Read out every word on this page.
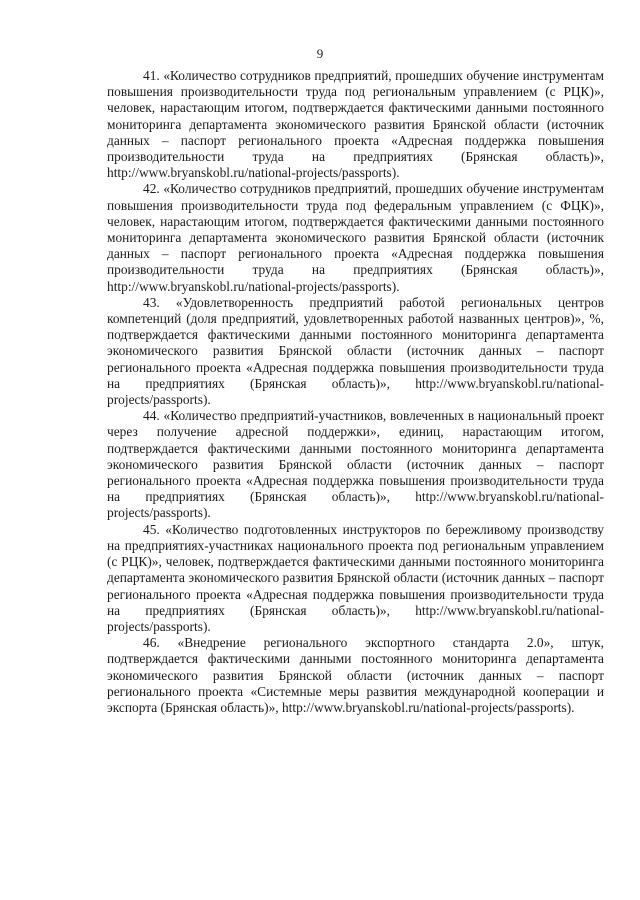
9

41. «Количество сотрудников предприятий, прошедших обучение инструментам повышения производительности труда под региональным управлением (с РЦК)», человек, нарастающим итогом, подтверждается фактическими данными постоянного мониторинга департамента экономического развития Брянской области (источник данных – паспорт регионального проекта «Адресная поддержка повышения производительности труда на предприятиях (Брянская область)», http://www.bryanskobl.ru/national-projects/passports).

42. «Количество сотрудников предприятий, прошедших обучение инструментам повышения производительности труда под федеральным управлением (с ФЦК)», человек, нарастающим итогом, подтверждается фактическими данными постоянного мониторинга департамента экономического развития Брянской области (источник данных – паспорт регионального проекта «Адресная поддержка повышения производительности труда на предприятиях (Брянская область)», http://www.bryanskobl.ru/national-projects/passports).

43. «Удовлетворенность предприятий работой региональных центров компетенций (доля предприятий, удовлетворенных работой названных центров)», %, подтверждается фактическими данными постоянного мониторинга департамента экономического развития Брянской области (источник данных – паспорт регионального проекта «Адресная поддержка повышения производительности труда на предприятиях (Брянская область)», http://www.bryanskobl.ru/national-projects/passports).

44. «Количество предприятий-участников, вовлеченных в национальный проект через получение адресной поддержки», единиц, нарастающим итогом, подтверждается фактическими данными постоянного мониторинга департамента экономического развития Брянской области (источник данных – паспорт регионального проекта «Адресная поддержка повышения производительности труда на предприятиях (Брянская область)», http://www.bryanskobl.ru/national-projects/passports).

45. «Количество подготовленных инструкторов по бережливому производству на предприятиях-участниках национального проекта под региональным управлением (с РЦК)», человек, подтверждается фактическими данными постоянного мониторинга департамента экономического развития Брянской области (источник данных – паспорт регионального проекта «Адресная поддержка повышения производительности труда на предприятиях (Брянская область)», http://www.bryanskobl.ru/national-projects/passports).

46. «Внедрение регионального экспортного стандарта 2.0», штук, подтверждается фактическими данными постоянного мониторинга департамента экономического развития Брянской области (источник данных – паспорт регионального проекта «Системные меры развития международной кооперации и экспорта (Брянская область)», http://www.bryanskobl.ru/national-projects/passports).
